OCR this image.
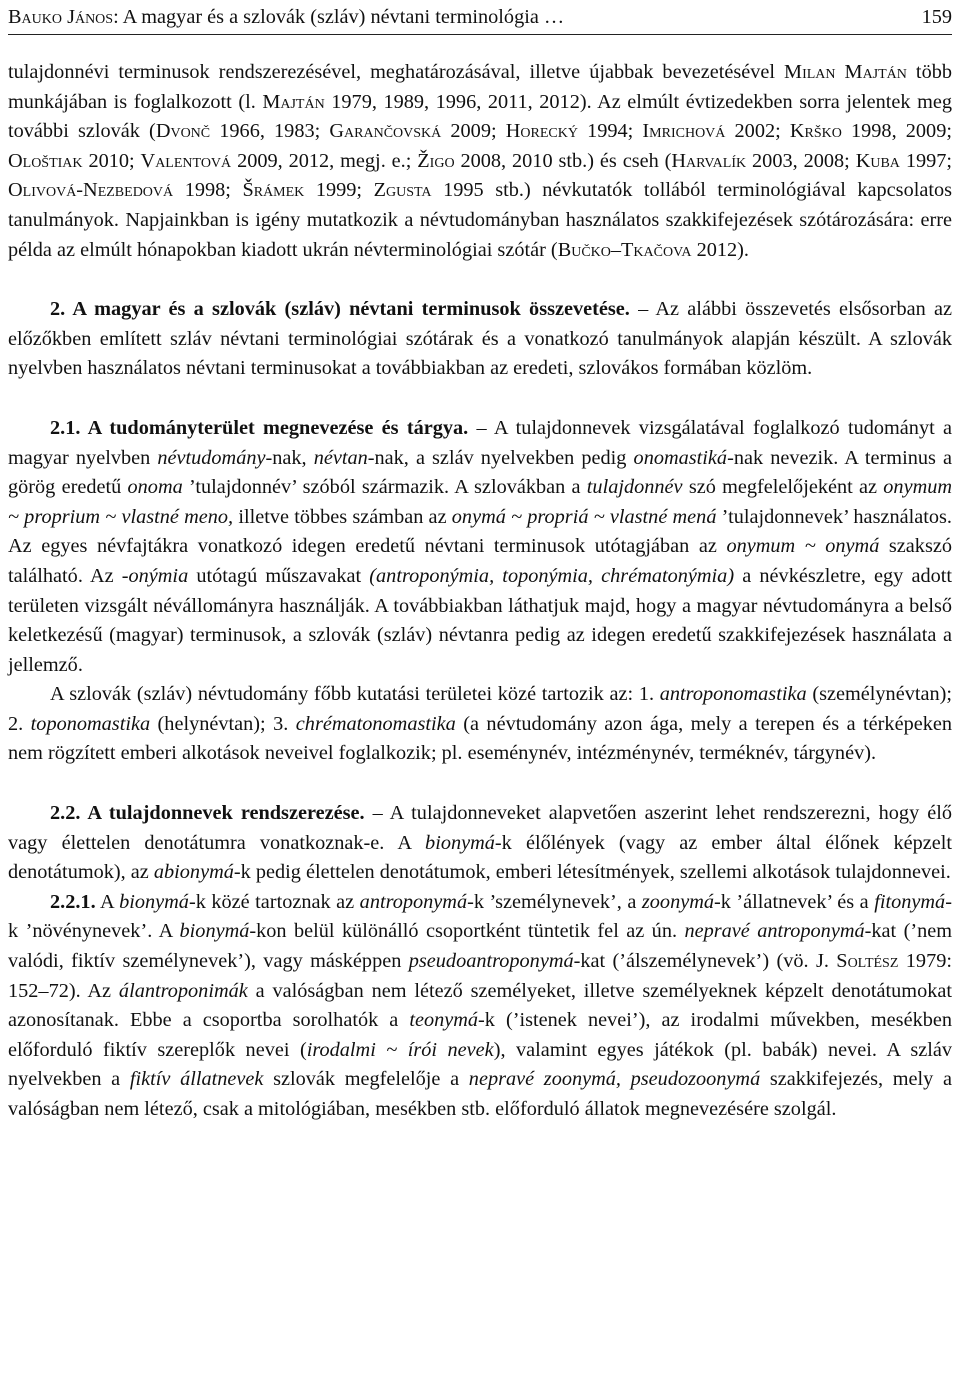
Bauko János: A magyar és a szlovák (szláv) névtani terminológia …	159

tulajdonnévi terminusok rendszerezésével, meghatározásával, illetve újabbak bevezetésével Milan Majtán több munkájában is foglalkozott (l. Majtán 1979, 1989, 1996, 2011, 2012). Az elmúlt évtizedekben sorra jelentek meg további szlovák (Dvonč 1966, 1983; Garančovská 2009; Horecký 1994; Imrichová 2002; Krško 1998, 2009; Ološtiak 2010; Valentová 2009, 2012, megj. e.; Žigo 2008, 2010 stb.) és cseh (Harvalík 2003, 2008; Kuba 1997; Olivová-Nezbedová 1998; Šrámek 1999; Zgusta 1995 stb.) névkutatók tollából terminológiával kapcsolatos tanulmányok. Napjainkban is igény mutatkozik a névtudományban használatos szakkifejezések szótározására: erre példa az elmúlt hónapokban kiadott ukrán névterminológiai szótár (Bučko–Tkačova 2012).

2. A magyar és a szlovák (szláv) névtani terminusok összevetése. – Az alábbi összevetés elsősorban az előzőkben említett szláv névtani terminológiai szótárak és a vonatkozó tanulmányok alapján készült. A szlovák nyelvben használatos névtani terminusokat a továbbiakban az eredeti, szlovákos formában közlöm.

2.1. A tudományterület megnevezése és tárgya. – A tulajdonnevek vizsgálatával foglalkozó tudományt a magyar nyelvben névtudomány-nak, névtan-nak, a szláv nyelvekben pedig onomastiká-nak nevezik. A terminus a görög eredetű onoma ’tulajdonnév’ szóból származik. A szlovákban a tulajdonnév szó megfelelőjeként az onymum ~ proprium ~ vlastné meno, illetve többes számban az onymá ~ propriá ~ vlastné mená ’tulajdonnevek’ használatos. Az egyes névfajtákra vonatkozó idegen eredetű névtani terminusok utótagjában az onymum ~ onymá szakszó található. Az -onýmia utótagú műszavakat (antroponýmia, toponýmia, chrématonýmia) a névkészletre, egy adott területen vizsgált névállományra használják. A továbbiakban láthatjuk majd, hogy a magyar névtudományra a belső keletkezésű (magyar) terminusok, a szlovák (szláv) névtanra pedig az idegen eredetű szakkifejezések használata a jellemző.

A szlovák (szláv) névtudomány főbb kutatási területei közé tartozik az: 1. antroponomastika (személynévtan); 2. toponomastika (helynévtan); 3. chrématonomastika (a névtudomány azon ága, mely a terepen és a térképeken nem rögzített emberi alkotások neveivel foglalkozik; pl. eseménynév, intézménynév, terméknév, tárgynév).

2.2. A tulajdonnevek rendszerezése. – A tulajdonneveket alapvetően aszerint lehet rendszerezni, hogy élő vagy élettelen denotátumra vonatkoznak-e. A bionymá-k élőlények (vagy az ember által élőnek képzelt denotátumok), az abionymá-k pedig élettelen denotátumok, emberi létesítmények, szellemi alkotások tulajdonnevei.

2.2.1. A bionymá-k közé tartoznak az antroponymá-k ’személynevek’, a zoonymá-k ’állatnevek’ és a fitonymá-k ’növénynevek’. A bionymá-kon belül különálló csoportként tüntetik fel az ún. nepravé antroponymá-kat (’nem valódi, fiktív személynevek’), vagy másképpen pseudoantroponymá-kat (’álszemélynevek’) (vö. J. Soltész 1979: 152–72). Az álantroponimák a valóságban nem létező személyeket, illetve személyeknek képzelt denotátumokat azonosítanak. Ebbe a csoportba sorolhatók a teonymá-k (’istenek nevei’), az irodalmi művekben, mesékben előforduló fiktív szereplők nevei (irodalmi ~ írói nevek), valamint egyes játékok (pl. babák) nevei. A szláv nyelvekben a fiktív állatnevek szlovák megfelelője a nepravé zoonymá, pseudozoonymá szakkifejezés, mely a valóságban nem létező, csak a mitológiában, mesékben stb. előforduló állatok megnevezésére szolgál.
